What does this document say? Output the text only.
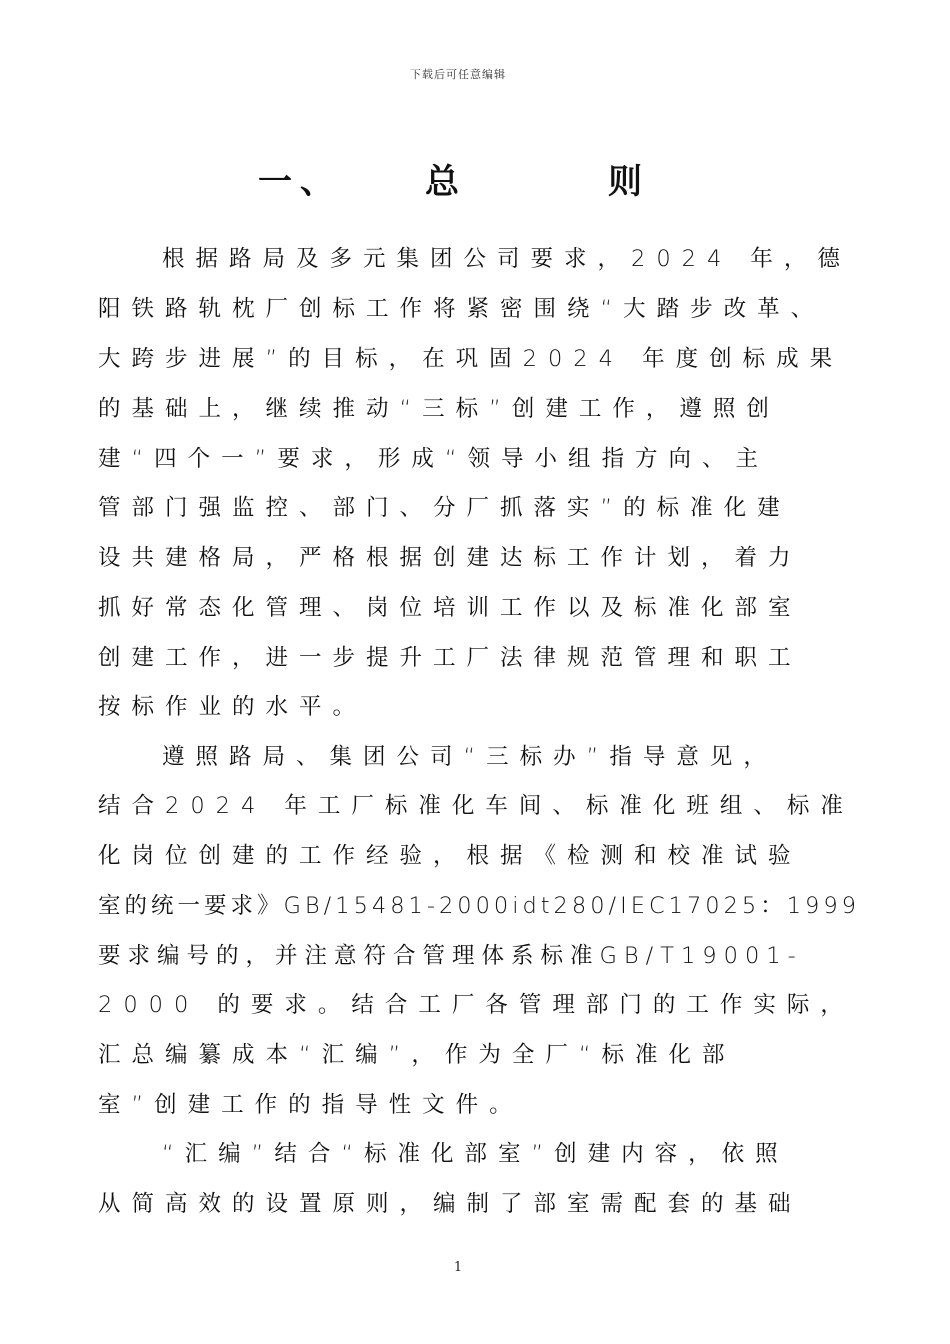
下载后可任意编辑
一 、	总	则
根据路局及多元集团公司要求，2024 年，德
阳铁路轨枕厂创标工作将紧密围绕“大踏步改革、
大跨步进展”的目标，在巩固2024 年度创标成果
的基础上，继续推动“三标”创建工作，遵照创
建“四个一”要求，形成“领导小组指方向、主
管部门强监控、部门、分厂抓落实”的标准化建
设共建格局，严格根据创建达标工作计划，着力
抓好常态化管理、岗位培训工作以及标准化部室
创建工作，进一步提升工厂法律规范管理和职工
按标作业的水平。
遵照路局、集团公司“三标办”指导意见，
结合2024 年工厂标准化车间、标准化班组、标准
化岗位创建的工作经验，根据《检测和校准试验
室的统一要求》GB/15481-2000idt280/IEC17025：1999
要求编号的，并注意符合管理体系标准GB/T19001-
2000 的要求。结合工厂各管理部门的工作实际，
汇总编纂成本“汇编”，作为全厂“标准化部
室”创建工作的指导性文件。
“汇编”结合“标准化部室”创建内容，依照
从简高效的设置原则，编制了部室需配套的基础
1
